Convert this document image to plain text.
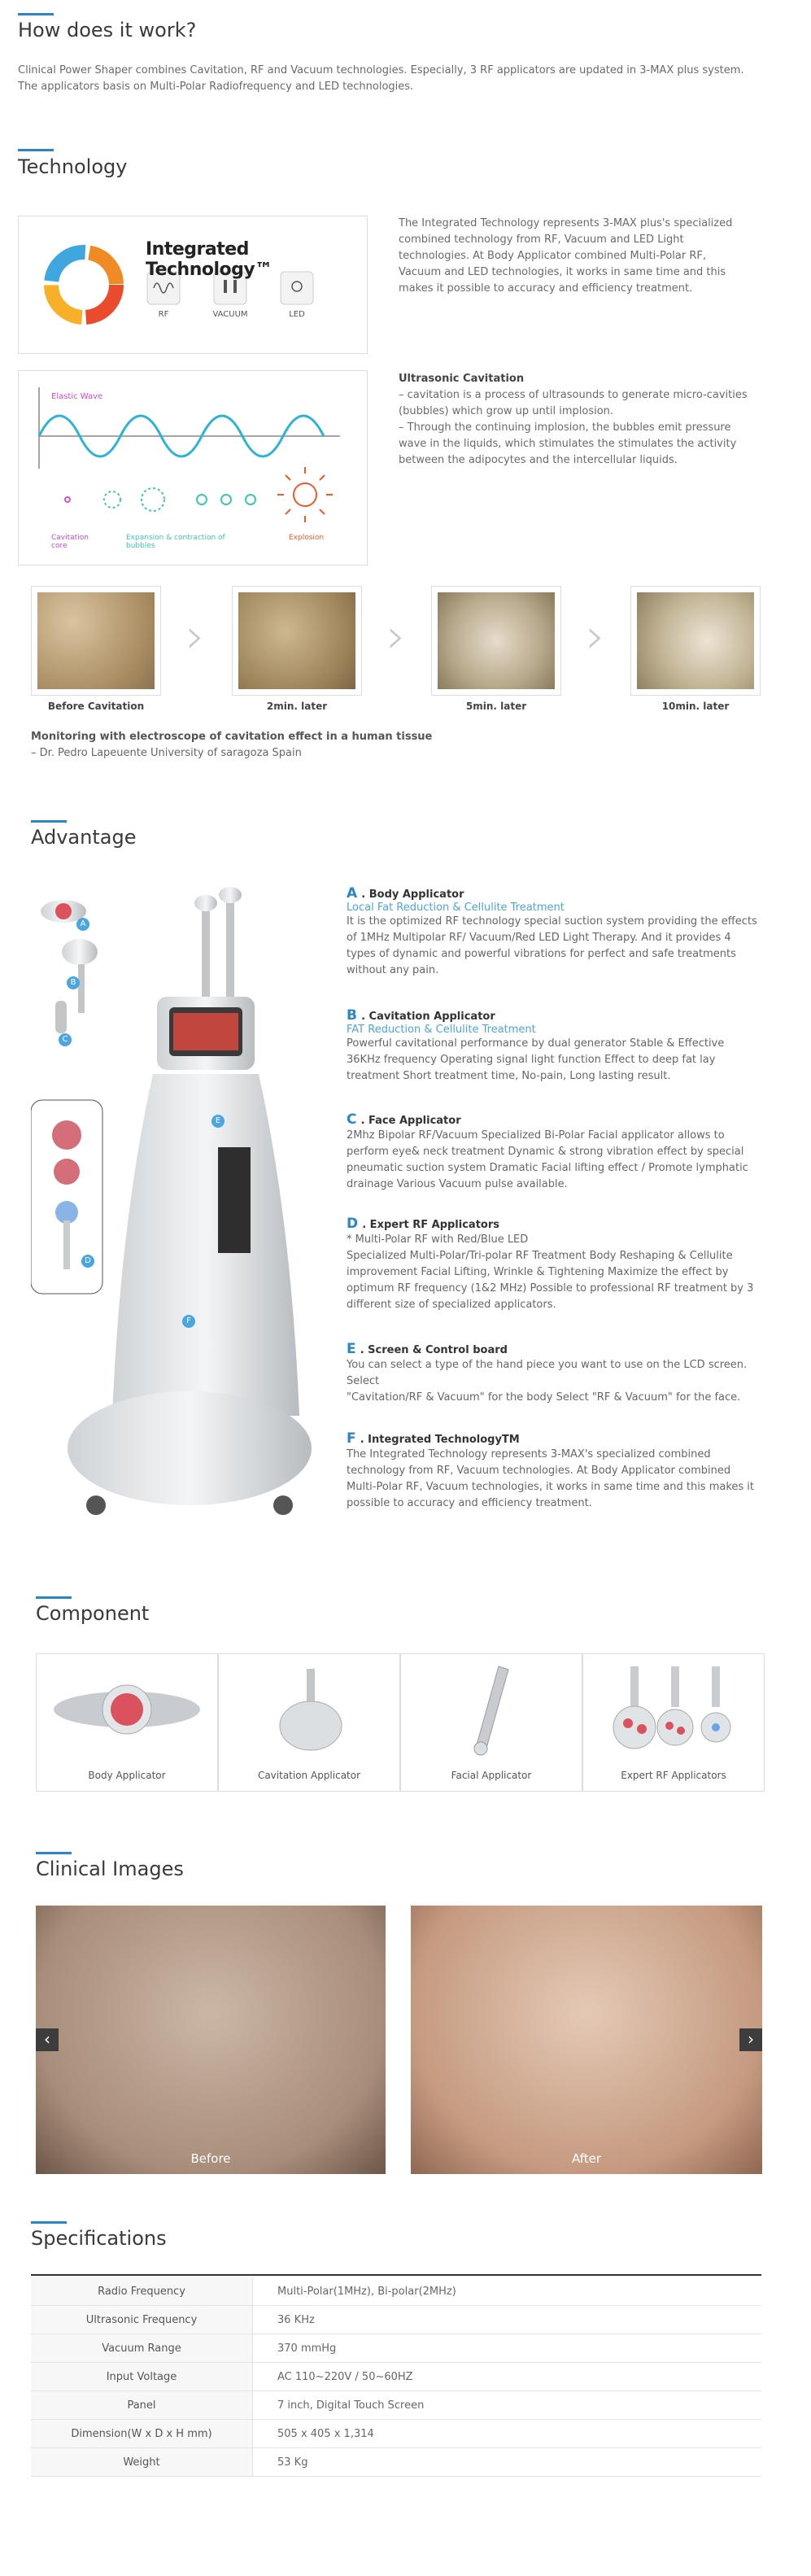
How does it work?
Clinical Power Shaper combines Cavitation, RF and Vacuum technologies. Especially, 3 RF applicators are updated in 3-MAX plus system.
The applicators basis on Multi-Polar Radiofrequency and LED technologies.
Technology
Integrated Technology™
RF	VACUUM	LED
The Integrated Technology represents 3-MAX plus's specialized combined technology from RF, Vacuum and LED Light technologies. At Body Applicator combined Multi-Polar RF, Vacuum and LED technologies, it works in same time and this makes it possible to accuracy and efficiency treatment.
Elastic Wave
Cavitation core
Expansion & contraction of bubbles
Explosion
Ultrasonic Cavitation
– cavitation is a process of ultrasounds to generate micro-cavities (bubbles) which grow up until implosion.
– Through the continuing implosion, the bubbles emit pressure wave in the liquids, which stimulates the stimulates the activity between the adipocytes and the intercellular liquids.
›	›	›
Before Cavitation	2min. later	5min. later	10min. later
Monitoring with electroscope of cavitation effect in a human tissue
– Dr. Pedro Lapeuente University of saragoza Spain
Advantage
A
B
C
D
E
F
A . Body Applicator
Local Fat Reduction & Cellulite Treatment
It is the optimized RF technology special suction system providing the effects of 1MHz Multipolar RF/ Vacuum/Red LED Light Therapy. And it provides 4 types of dynamic and powerful vibrations for perfect and safe treatments without any pain.
B . Cavitation Applicator
FAT Reduction & Cellulite Treatment
Powerful cavitational performance by dual generator Stable & Effective 36KHz frequency Operating signal light function Effect to deep fat lay treatment Short treatment time, No-pain, Long lasting result.
C . Face Applicator
2Mhz Bipolar RF/Vacuum Specialized Bi-Polar Facial applicator allows to perform eye& neck treatment Dynamic & strong vibration effect by special pneumatic suction system Dramatic Facial lifting effect / Promote lymphatic drainage Various Vacuum pulse available.
D . Expert RF Applicators
* Multi-Polar RF with Red/Blue LED
Specialized Multi-Polar/Tri-polar RF Treatment Body Reshaping & Cellulite improvement Facial Lifting, Wrinkle & Tightening Maximize the effect by optimum RF frequency (1&2 MHz) Possible to professional RF treatment by 3 different size of specialized applicators.
E . Screen & Control board
You can select a type of the hand piece you want to use on the LCD screen. Select
"Cavitation/RF & Vacuum" for the body Select "RF & Vacuum" for the face.
F . Integrated TechnologyTM
The Integrated Technology represents 3-MAX's specialized combined technology from RF, Vacuum technologies. At Body Applicator combined Multi-Polar RF, Vacuum technologies, it works in same time and this makes it possible to accuracy and efficiency treatment.
Component
Body Applicator	Cavitation Applicator	Facial Applicator	Expert RF Applicators
Clinical Images
Before	After
‹	›
Specifications
Radio Frequency	Multi-Polar(1MHz), Bi-polar(2MHz)
Ultrasonic Frequency	36 KHz
Vacuum Range	370 mmHg
Input Voltage	AC 110~220V / 50~60HZ
Panel	7 inch, Digital Touch Screen
Dimension(W x D x H mm)	505 x 405 x 1,314
Weight	53 Kg
